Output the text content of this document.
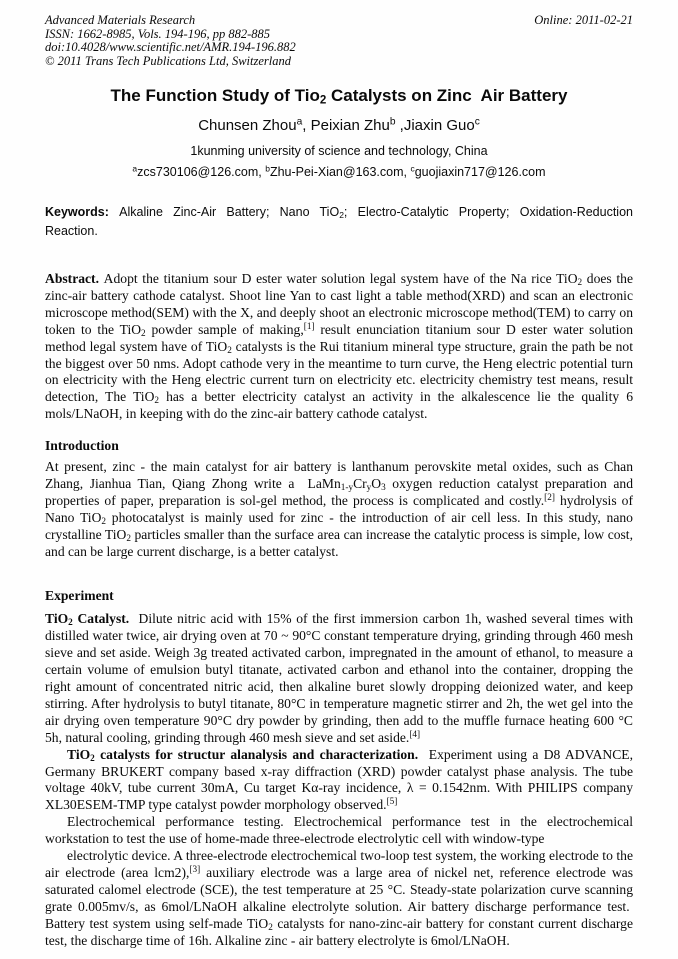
Advanced Materials Research
ISSN: 1662-8985, Vols. 194-196, pp 882-885
doi:10.4028/www.scientific.net/AMR.194-196.882
© 2011 Trans Tech Publications Ltd, Switzerland
Online: 2011-02-21
The Function Study of Tio$_2$ Catalysts on Zinc  Air Battery
Chunsen Zhou$^a$, Peixian Zhu$^b$ ,Jiaxin Guo$^c$
1kunming university of science and technology, China
$^a$zcs730106@126.com, $^b$Zhu-Pei-Xian@163.com, $^c$guojiaxin717@126.com

Keywords: Alkaline Zinc-Air Battery; Nano TiO$_2$; Electro-Catalytic Property; Oxidation-Reduction Reaction.

Abstract. Adopt the titanium sour D ester water solution legal system have of the Na rice TiO$_2$ does the zinc-air battery cathode catalyst. Shoot line Yan to cast light a table method(XRD) and scan an electronic microscope method(SEM) with the X, and deeply shoot an electronic microscope method(TEM) to carry on token to the TiO$_2$ powder sample of making,[1] result enunciation titanium sour D ester water solution method legal system have of TiO$_2$ catalysts is the Rui titanium mineral type structure, grain the path be not the biggest over 50 nms. Adopt cathode very in the meantime to turn curve, the Heng electric potential turn on electricity with the Heng electric current turn on electricity etc. electricity chemistry test means, result detection, The TiO$_2$ has a better electricity catalyst an activity in the alkalescence lie the quality 6 mols/LNaOH, in keeping with do the zinc-air battery cathode catalyst.

Introduction

At present, zinc - the main catalyst for air battery is lanthanum perovskite metal oxides, such as Chan Zhang, Jianhua Tian, Qiang Zhong write a  $LaMn_{1-y}Cr_yO_3$ oxygen reduction catalyst preparation and properties of paper, preparation is sol-gel method, the process is complicated and costly.[2] hydrolysis of Nano TiO$_2$ photocatalyst is mainly used for zinc - the introduction of air cell less. In this study, nano crystalline TiO$_2$ particles smaller than the surface area can increase the catalytic process is simple, low cost, and can be large current discharge, is a better catalyst.

Experiment

TiO$_2$ Catalyst.  Dilute nitric acid with 15% of the first immersion carbon 1h, washed several times with distilled water twice, air drying oven at 70 ~ 90°C constant temperature drying, grinding through 460 mesh sieve and set aside. Weigh 3g treated activated carbon, impregnated in the amount of ethanol, to measure a certain volume of emulsion butyl titanate, activated carbon and ethanol into the container, dropping the right amount of concentrated nitric acid, then alkaline buret slowly dropping deionized water, and keep stirring. After hydrolysis to butyl titanate, 80°C in temperature magnetic stirrer and 2h, the wet gel into the air drying oven temperature 90°C dry powder by grinding, then add to the muffle furnace heating 600 °C 5h, natural cooling, grinding through 460 mesh sieve and set aside.[4]

TiO$_2$ catalysts for structur alanalysis and characterization.  Experiment using a D8 ADVANCE, Germany BRUKERT company based x-ray diffraction (XRD) powder catalyst phase analysis. The tube voltage 40kV, tube current 30mA, Cu target Kα-ray incidence, λ = 0.1542nm. With PHILIPS company XL30ESEM-TMP type catalyst powder morphology observed.[5]

Electrochemical performance testing. Electrochemical performance test in the electrochemical workstation to test the use of home-made three-electrode electrolytic cell with window-type

electrolytic device. A three-electrode electrochemical two-loop test system, the working electrode to the air electrode (area lcm2),[3] auxiliary electrode was a large area of nickel net, reference electrode was saturated calomel electrode (SCE), the test temperature at 25 °C. Steady-state polarization curve scanning grate 0.005mv/s, as 6mol/LNaOH alkaline electrolyte solution. Air battery discharge performance test.  Battery test system using self-made TiO$_2$ catalysts for nano-zinc-air battery for constant current discharge test, the discharge time of 16h. Alkaline zinc - air battery electrolyte is 6mol/LNaOH.
